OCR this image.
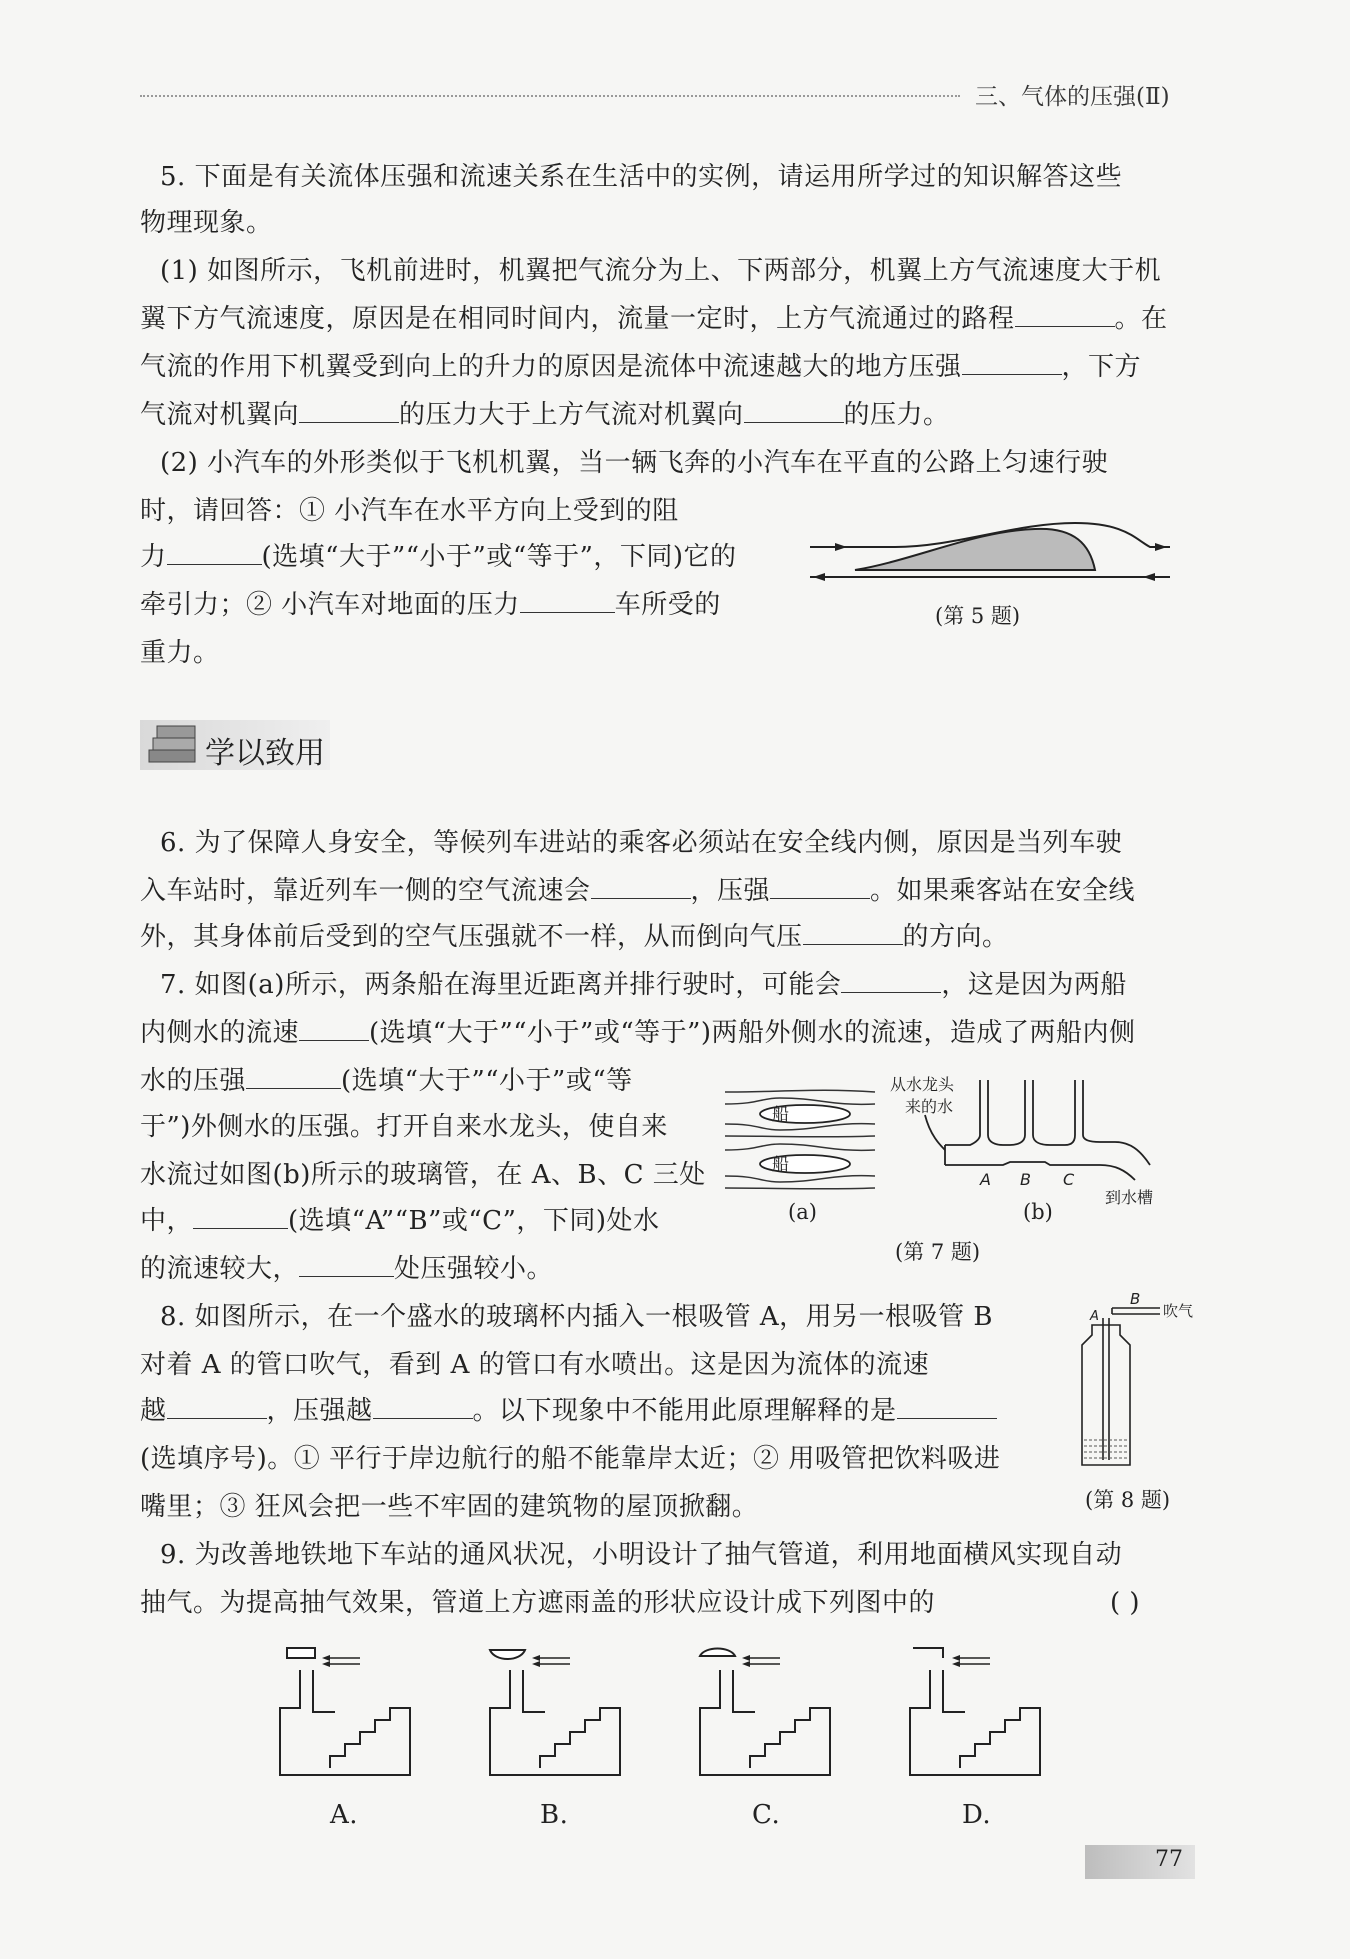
三、气体的压强(Ⅱ)
5. 下面是有关流体压强和流速关系在生活中的实例，请运用所学过的知识解答这些
物理现象。
(1) 如图所示，飞机前进时，机翼把气流分为上、下两部分，机翼上方气流速度大于机
翼下方气流速度，原因是在相同时间内，流量一定时，上方气流通过的路程	。在
气流的作用下机翼受到向上的升力的原因是流体中流速越大的地方压强	，下方
气流对机翼向	的压力大于上方气流对机翼向	的压力。
(2) 小汽车的外形类似于飞机机翼，当一辆飞奔的小汽车在平直的公路上匀速行驶
时，请回答：① 小汽车在水平方向上受到的阻
力	(选填“大于”“小于”或“等于”，下同)它的
牵引力；② 小汽车对地面的压力	车所受的
重力。
(第 5 题)
学以致用
6. 为了保障人身安全，等候列车进站的乘客必须站在安全线内侧，原因是当列车驶
入车站时，靠近列车一侧的空气流速会	，压强	。如果乘客站在安全线
外，其身体前后受到的空气压强就不一样，从而倒向气压	的方向。
7. 如图(a)所示，两条船在海里近距离并排行驶时，可能会	，这是因为两船
内侧水的流速	(选填“大于”“小于”或“等于”)两船外侧水的流速，造成了两船内侧
水的压强	(选填“大于”“小于”或“等
于”)外侧水的压强。打开自来水龙头，使自来
水流过如图(b)所示的玻璃管，在 A、B、C 三处
中，	(选填“A”“B”或“C”，下同)处水
的流速较大，	处压强较小。
船
船
(a)
从水龙头
来的水
A B C
到水槽
(b)
(第 7 题)
8. 如图所示，在一个盛水的玻璃杯内插入一根吸管 A，用另一根吸管 B
对着 A 的管口吹气，看到 A 的管口有水喷出。这是因为流体的流速
越	，压强越	。以下现象中不能用此原理解释的是
(选填序号)。① 平行于岸边航行的船不能靠岸太近；② 用吸管把饮料吸进
嘴里；③ 狂风会把一些不牢固的建筑物的屋顶掀翻。
B
A	吹气
(第 8 题)
9. 为改善地铁地下车站的通风状况，小明设计了抽气管道，利用地面横风实现自动
抽气。为提高抽气效果，管道上方遮雨盖的形状应设计成下列图中的	( )
A.	B.	C.	D.
77
